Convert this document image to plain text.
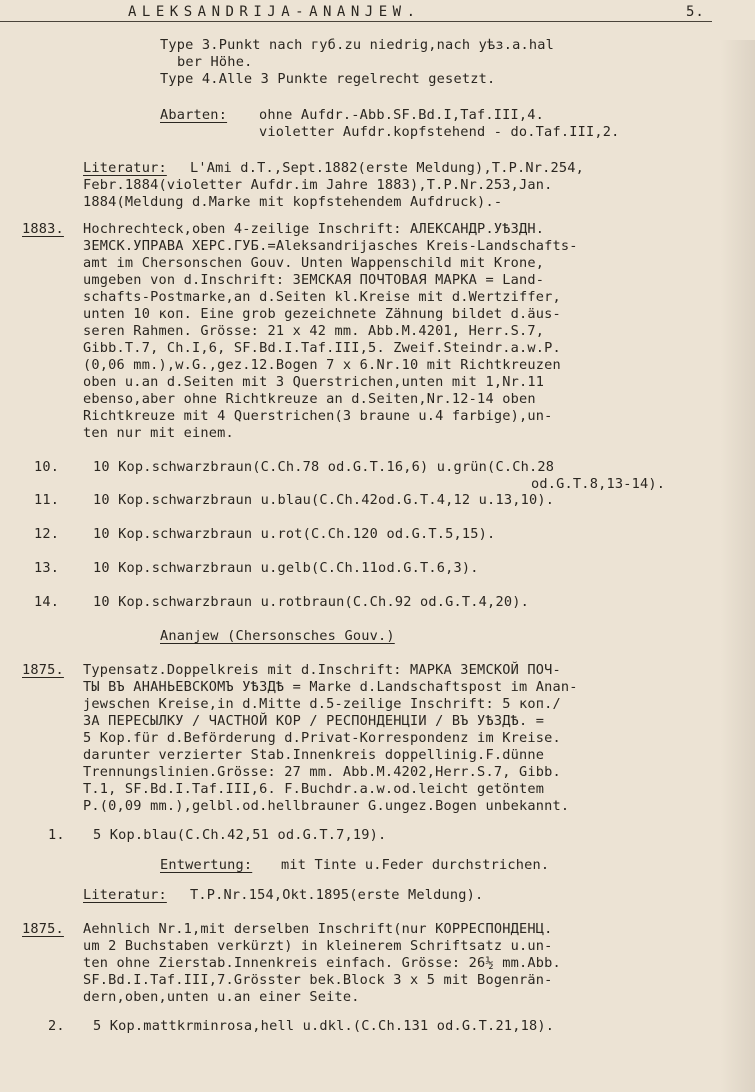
ALEKSANDRIJA-ANANJEW.	5.
Type 3.Punkt nach губ.zu niedrig,nach уѣз.a.hal
ber Höhe.
Type 4.Alle 3 Punkte regelrecht gesetzt.
Abarten: ohne Aufdr.-Abb.SF.Bd.I,Taf.III,4.
violetter Aufdr.kopfstehend - do.Taf.III,2.
Literatur: L'Ami d.T.,Sept.1882(erste Meldung),T.P.Nr.254,
Febr.1884(violetter Aufdr.im Jahre 1883),T.P.Nr.253,Jan.
1884(Meldung d.Marke mit kopfstehendem Aufdruck).-
1883. Hochrechteck,oben 4-zeilige Inschrift: АЛЕКСАНДР.УѢЗДН.
ЗЕМСК.УПРАВА ХЕРС.ГУБ.=Aleksandrijasches Kreis-Landschafts-
amt im Chersonschen Gouv. Unten Wappenschild mit Krone,
umgeben von d.Inschrift: ЗЕМСКАЯ ПОЧТОВАЯ МАРКА = Land-
schafts-Postmarke,an d.Seiten kl.Kreise mit d.Wertziffer,
unten 10 коп. Eine grob gezeichnete Zähnung bildet d.äus-
seren Rahmen. Grösse: 21 x 42 mm. Abb.M.4201, Herr.S.7,
Gibb.T.7, Ch.I,6, SF.Bd.I.Taf.III,5. Zweif.Steindr.a.w.P.
(0,06 mm.),w.G.,gez.12.Bogen 7 x 6.Nr.10 mit Richtkreuzen
oben u.an d.Seiten mit 3 Querstrichen,unten mit 1,Nr.11
ebenso,aber ohne Richtkreuze an d.Seiten,Nr.12-14 oben
Richtkreuze mit 4 Querstrichen(3 braune u.4 farbige),un-
ten nur mit einem.
10. 10 Kop.schwarzbraun(C.Ch.78 od.G.T.16,6) u.grün(C.Ch.28
od.G.T.8,13-14).
11. 10 Kop.schwarzbraun u.blau(C.Ch.42od.G.T.4,12 u.13,10).
12. 10 Kop.schwarzbraun u.rot(C.Ch.120 od.G.T.5,15).
13. 10 Kop.schwarzbraun u.gelb(C.Ch.11od.G.T.6,3).
14. 10 Kop.schwarzbraun u.rotbraun(C.Ch.92 od.G.T.4,20).
Ananjew (Chersonsches Gouv.)
1875. Typensatz.Doppelkreis mit d.Inschrift: МАРКА ЗЕМСКОЙ ПОЧ-
ТЫ ВЪ АНАНЬЕВСКОМЪ УѢЗДѢ = Marke d.Landschaftspost im Anan-
jewschen Kreise,in d.Mitte d.5-zeilige Inschrift: 5 коп./
ЗА ПЕРЕСЫЛКУ / ЧАСТНОЙ КОР / РЕСПОНДЕНЦІИ / ВЪ УѢЗДѢ. =
5 Kop.für d.Beförderung d.Privat-Korrespondenz im Kreise.
darunter verzierter Stab.Innenkreis doppellinig.F.dünne
Trennungslinien.Grösse: 27 mm. Abb.M.4202,Herr.S.7, Gibb.
T.1, SF.Bd.I.Taf.III,6. F.Buchdr.a.w.od.leicht getöntem
P.(0,09 mm.),gelbl.od.hellbrauner G.ungez.Bogen unbekannt.
1. 5 Kop.blau(C.Ch.42,51 od.G.T.7,19).
Entwertung: mit Tinte u.Feder durchstrichen.
Literatur: T.P.Nr.154,Okt.1895(erste Meldung).
1875. Aehnlich Nr.1,mit derselben Inschrift(nur КОРРЕСПОНДЕНЦ.
um 2 Buchstaben verkürzt) in kleinerem Schriftsatz u.un-
ten ohne Zierstab.Innenkreis einfach. Grösse: 26½ mm.Abb.
SF.Bd.I.Taf.III,7.Grösster bek.Block 3 x 5 mit Bogenrän-
dern,oben,unten u.an einer Seite.
2. 5 Kop.mattkrminrosa,hell u.dkl.(C.Ch.131 od.G.T.21,18).
